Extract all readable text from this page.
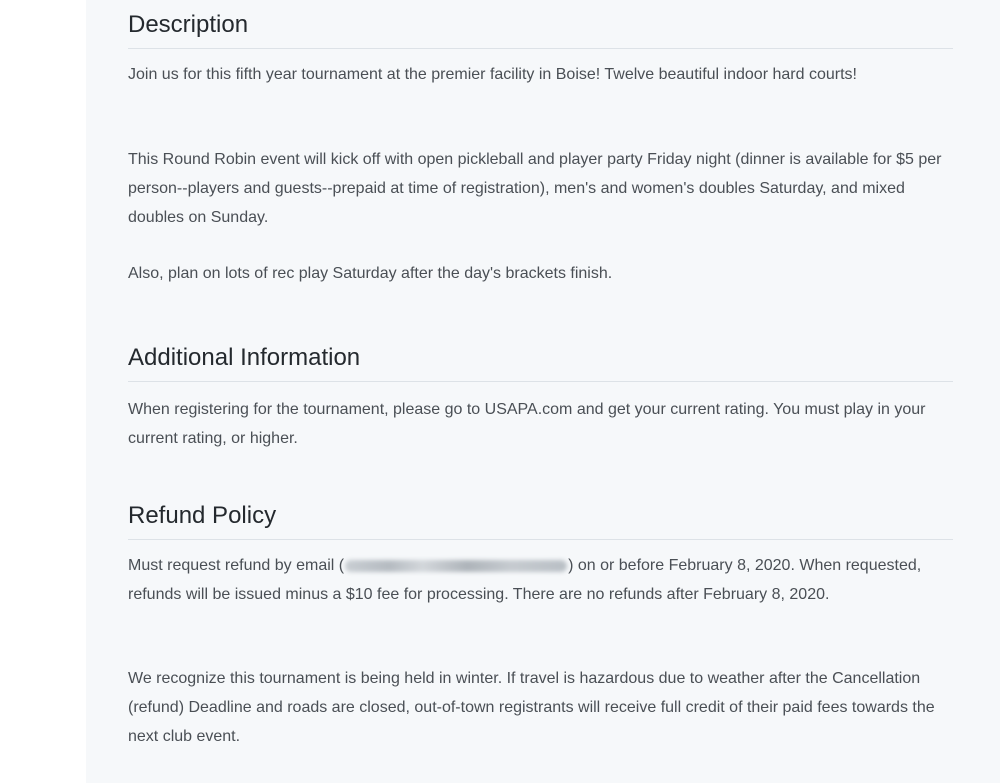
Description

Join us for this fifth year tournament at the premier facility in Boise! Twelve beautiful indoor hard courts!

This Round Robin event will kick off with open pickleball and player party Friday night (dinner is available for $5 per person--players and guests--prepaid at time of registration), men's and women's doubles Saturday, and mixed doubles on Sunday.

Also, plan on lots of rec play Saturday after the day's brackets finish.

Additional Information

When registering for the tournament, please go to USAPA.com and get your current rating. You must play in your current rating, or higher.

Refund Policy

Must request refund by email (	) on or before February 8, 2020. When requested, refunds will be issued minus a $10 fee for processing. There are no refunds after February 8, 2020.

We recognize this tournament is being held in winter. If travel is hazardous due to weather after the Cancellation (refund) Deadline and roads are closed, out-of-town registrants will receive full credit of their paid fees towards the next club event.
